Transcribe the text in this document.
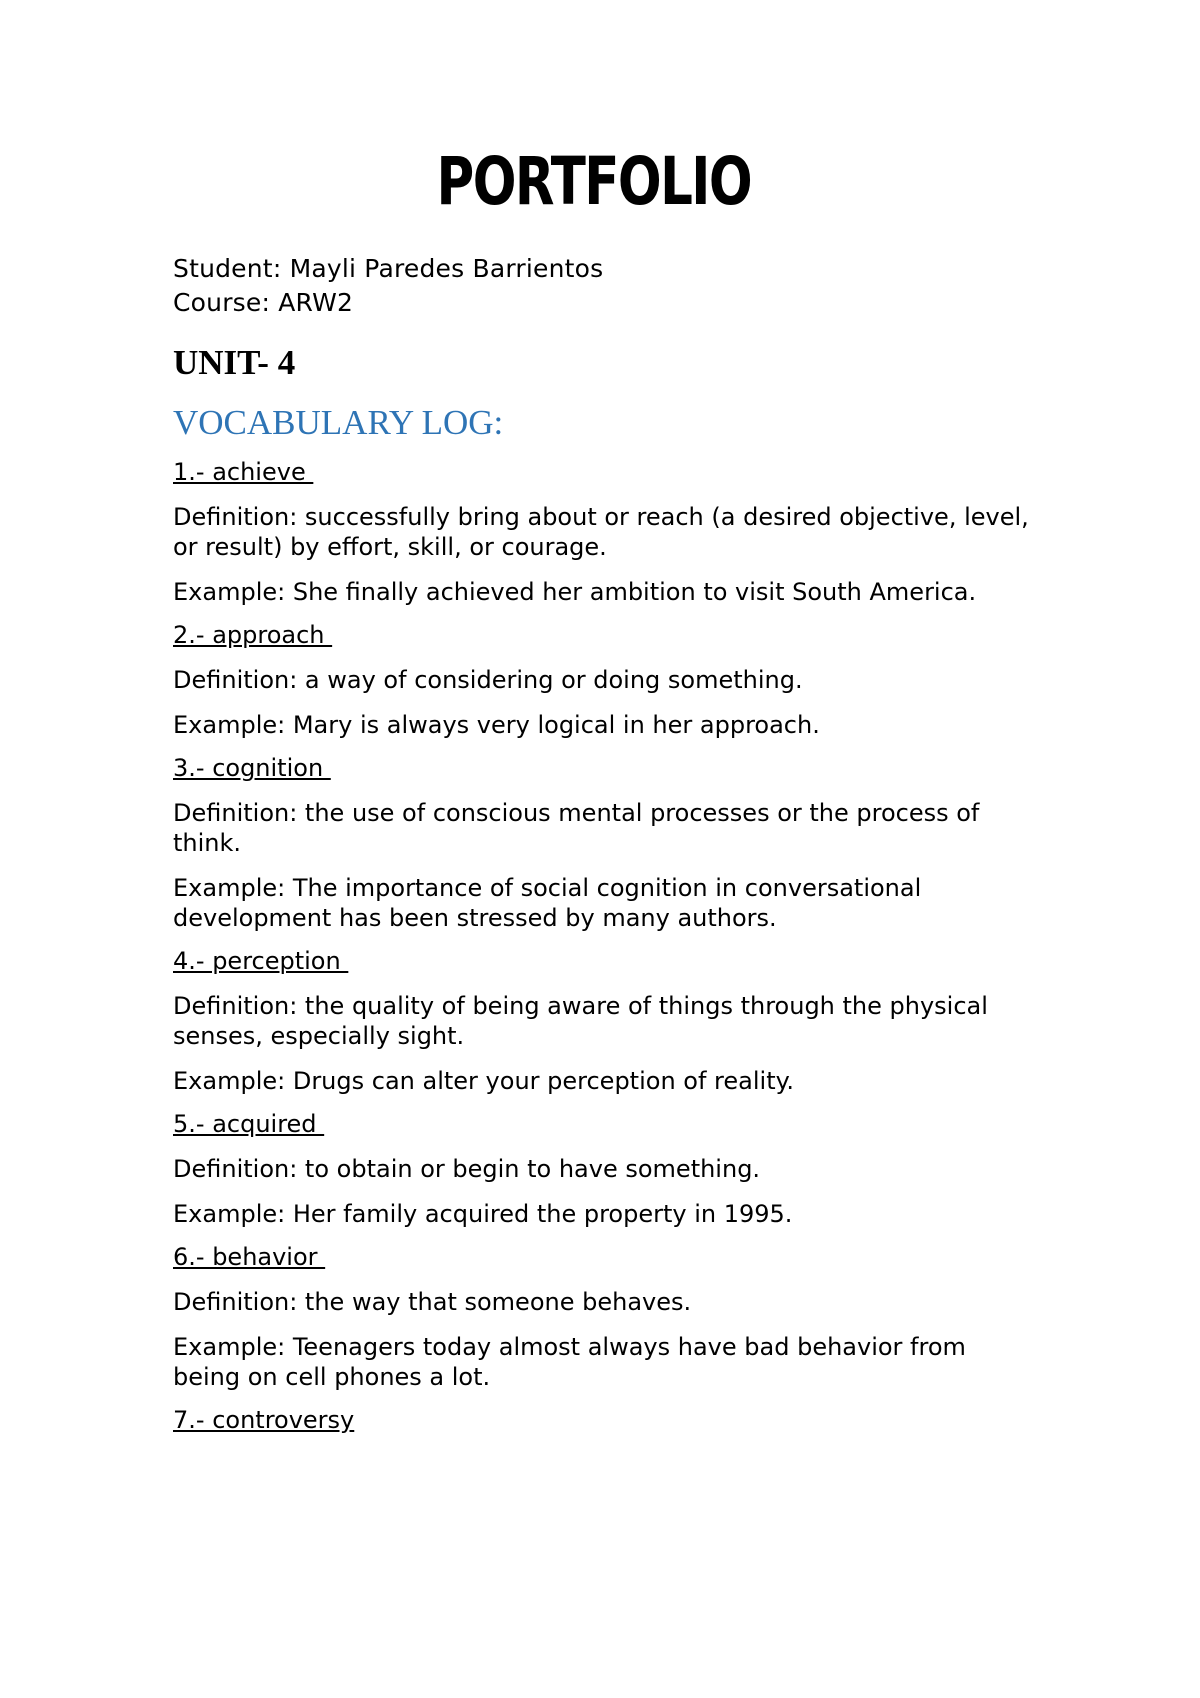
PORTFOLIO
Student: Mayli Paredes Barrientos
Course: ARW2
UNIT- 4
VOCABULARY LOG:
1.- achieve
Definition: successfully bring about or reach (a desired objective, level, or result) by effort, skill, or courage.
Example: She finally achieved her ambition to visit South America.
2.- approach
Definition: a way of considering or doing something.
Example: Mary is always very logical in her approach.
3.- cognition
Definition: the use of conscious mental processes or the process of think.
Example: The importance of social cognition in conversational development has been stressed by many authors.
4.- perception
Definition: the quality of being aware of things through the physical senses, especially sight.
Example: Drugs can alter your perception of reality.
5.- acquired
Definition: to obtain or begin to have something.
Example: Her family acquired the property in 1995.
6.- behavior
Definition: the way that someone behaves.
Example: Teenagers today almost always have bad behavior from being on cell phones a lot.
7.- controversy
